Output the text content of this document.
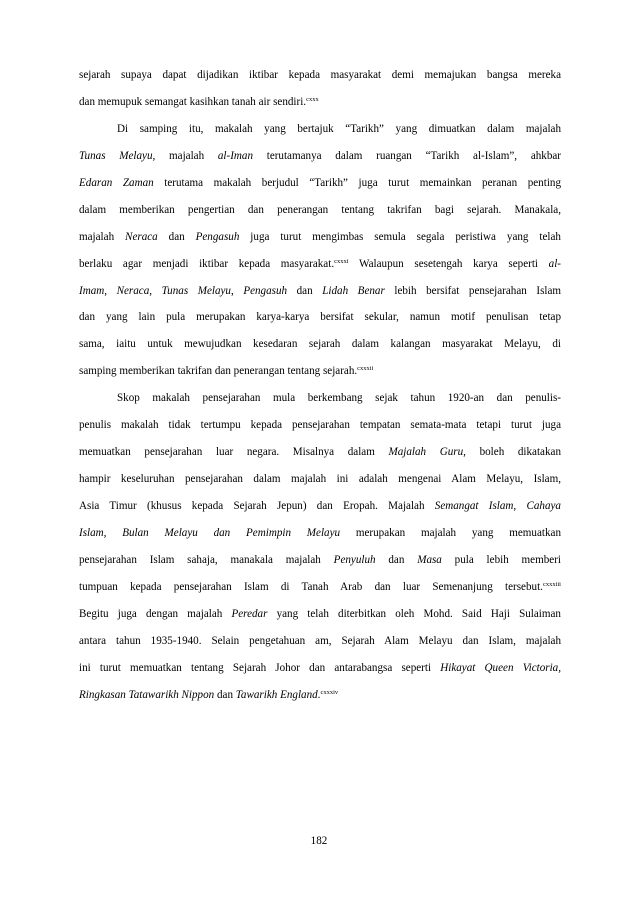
sejarah supaya dapat dijadikan iktibar kepada masyarakat demi memajukan bangsa mereka
dan memupuk semangat kasihkan tanah air sendiri.$^{cxxx}$
Di samping itu, makalah yang bertajuk “Tarikh” yang dimuatkan dalam majalah
Tunas Melayu, majalah al-Iman terutamanya dalam ruangan “Tarikh al-Islam”, ahkbar
Edaran Zaman terutama makalah berjudul “Tarikh” juga turut memainkan peranan penting
dalam memberikan pengertian dan penerangan tentang takrifan bagi sejarah. Manakala,
majalah Neraca dan Pengasuh juga turut mengimbas semula segala peristiwa yang telah
berlaku agar menjadi iktibar kepada masyarakat.$^{cxxxi}$ Walaupun sesetengah karya seperti al-
Imam, Neraca, Tunas Melayu, Pengasuh dan Lidah Benar lebih bersifat pensejarahan Islam
dan yang lain pula merupakan karya-karya bersifat sekular, namun motif penulisan tetap
sama, iaitu untuk mewujudkan kesedaran sejarah dalam kalangan masyarakat Melayu, di
samping memberikan takrifan dan penerangan tentang sejarah.$^{cxxxii}$
Skop makalah pensejarahan mula berkembang sejak tahun 1920-an dan penulis-
penulis makalah tidak tertumpu kepada pensejarahan tempatan semata-mata tetapi turut juga
memuatkan pensejarahan luar negara. Misalnya dalam Majalah Guru, boleh dikatakan
hampir keseluruhan pensejarahan dalam majalah ini adalah mengenai Alam Melayu, Islam,
Asia Timur (khusus kepada Sejarah Jepun) dan Eropah. Majalah Semangat Islam, Cahaya
Islam, Bulan Melayu dan Pemimpin Melayu merupakan majalah yang memuatkan
pensejarahan Islam sahaja, manakala majalah Penyuluh dan Masa pula lebih memberi
tumpuan kepada pensejarahan Islam di Tanah Arab dan luar Semenanjung tersebut.$^{cxxxiii}$
Begitu juga dengan majalah Peredar yang telah diterbitkan oleh Mohd. Said Haji Sulaiman
antara tahun 1935-1940. Selain pengetahuan am, Sejarah Alam Melayu dan Islam, majalah
ini turut memuatkan tentang Sejarah Johor dan antarabangsa seperti Hikayat Queen Victoria,
Ringkasan Tatawarikh Nippon dan Tawarikh England.$^{cxxxiv}$
182
